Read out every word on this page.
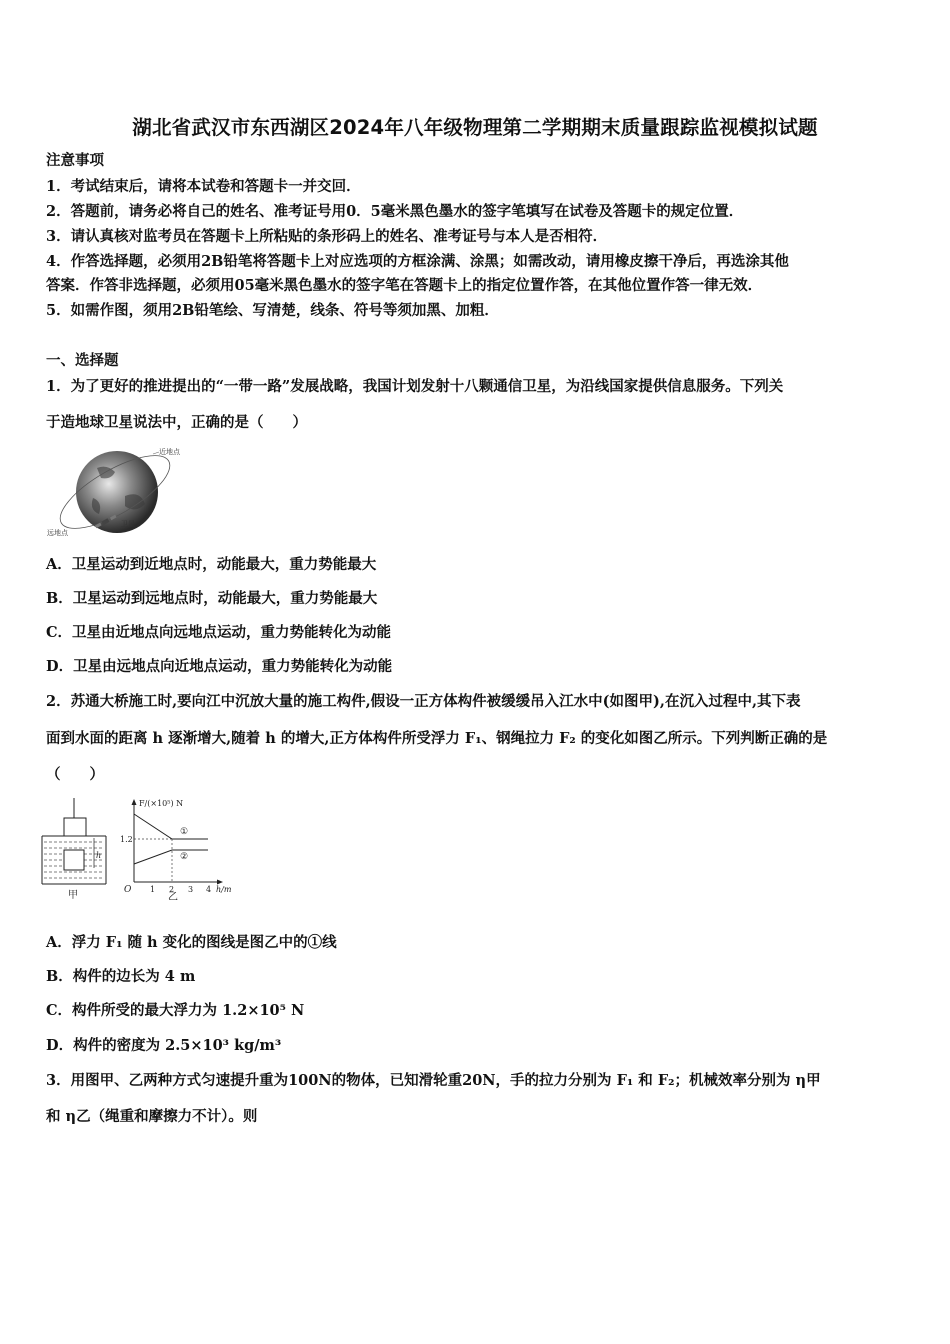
湖北省武汉市东西湖区2024年八年级物理第二学期期末质量跟踪监视模拟试题
注意事项
1．考试结束后，请将本试卷和答题卡一并交回．
2．答题前，请务必将自己的姓名、准考证号用0．5毫米黑色墨水的签字笔填写在试卷及答题卡的规定位置．
3．请认真核对监考员在答题卡上所粘贴的条形码上的姓名、准考证号与本人是否相符．
4．作答选择题，必须用2B铅笔将答题卡上对应选项的方框涂满、涂黑；如需改动，请用橡皮擦干净后，再选涂其他
答案．作答非选择题，必须用05毫米黑色墨水的签字笔在答题卡上的指定位置作答，在其他位置作答一律无效．
5．如需作图，须用2B铅笔绘、写清楚，线条、符号等须加黑、加粗．
一、选择题
1．为了更好的推进提出的“一带一路”发展战略，我国计划发射十八颗通信卫星，为沿线国家提供信息服务。下列关
于造地球卫星说法中，正确的是（　　）
近地点
远地点
卫星
A．卫星运动到近地点时，动能最大，重力势能最大
B．卫星运动到远地点时，动能最大，重力势能最大
C．卫星由近地点向远地点运动，重力势能转化为动能
D．卫星由远地点向近地点运动，重力势能转化为动能
2．苏通大桥施工时,要向江中沉放大量的施工构件,假设一正方体构件被缓缓吊入江水中(如图甲),在沉入过程中,其下表
面到水面的距离 h 逐渐增大,随着 h 的增大,正方体构件所受浮力 F₁、钢绳拉力 F₂ 的变化如图乙所示。下列判断正确的是
（　　）
h
甲
F/(×10⁵) N
1.2
①
②
O 1 2 3 4 h/m
乙
A．浮力 F₁ 随 h 变化的图线是图乙中的①线
B．构件的边长为 4 m
C．构件所受的最大浮力为 1.2×10⁵ N
D．构件的密度为 2.5×10³ kg/m³
3．用图甲、乙两种方式匀速提升重为100N的物体，已知滑轮重20N，手的拉力分别为 F₁ 和 F₂；机械效率分别为 η甲
和 η乙（绳重和摩擦力不计）。则
